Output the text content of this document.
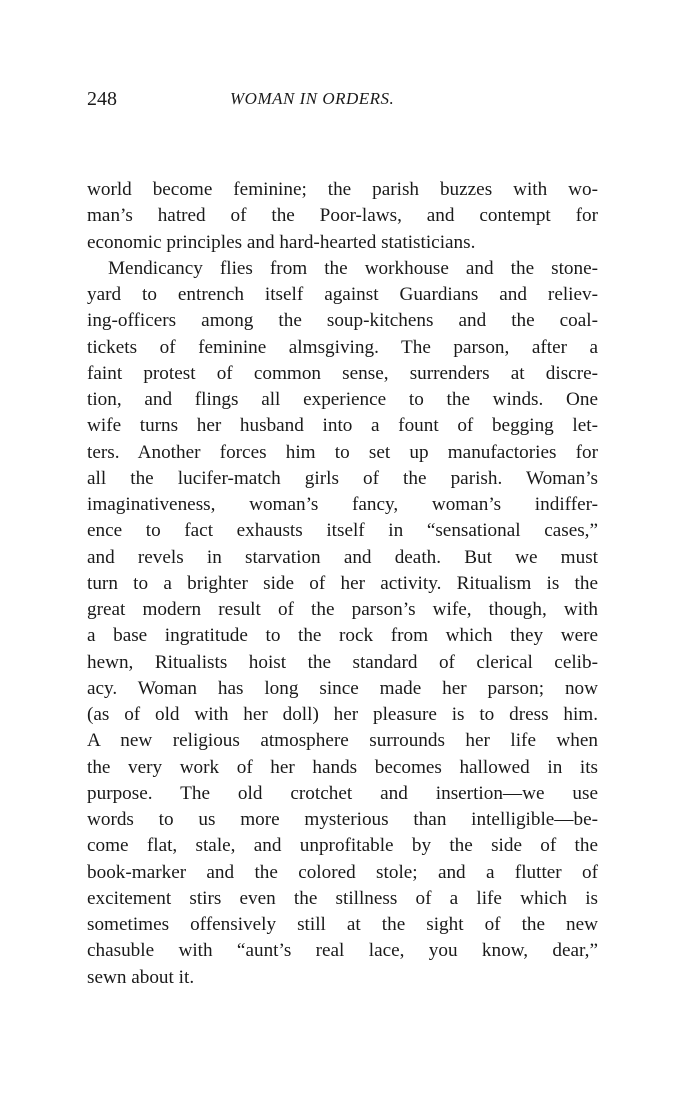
248	WOMAN IN ORDERS.
world become feminine; the parish buzzes with wo-
man’s hatred of the Poor-laws, and contempt for
economic principles and hard-hearted statisticians.
Mendicancy flies from the workhouse and the stone-
yard to entrench itself against Guardians and reliev-
ing-officers among the soup-kitchens and the coal-
tickets of feminine almsgiving. The parson, after a
faint protest of common sense, surrenders at discre-
tion, and flings all experience to the winds. One
wife turns her husband into a fount of begging let-
ters. Another forces him to set up manufactories for
all the lucifer-match girls of the parish. Woman’s
imaginativeness, woman’s fancy, woman’s indiffer-
ence to fact exhausts itself in “sensational cases,”
and revels in starvation and death. But we must
turn to a brighter side of her activity. Ritualism is the
great modern result of the parson’s wife, though, with
a base ingratitude to the rock from which they were
hewn, Ritualists hoist the standard of clerical celib-
acy. Woman has long since made her parson; now
(as of old with her doll) her pleasure is to dress him.
A new religious atmosphere surrounds her life when
the very work of her hands becomes hallowed in its
purpose. The old crotchet and insertion—we use
words to us more mysterious than intelligible—be-
come flat, stale, and unprofitable by the side of the
book-marker and the colored stole; and a flutter of
excitement stirs even the stillness of a life which is
sometimes offensively still at the sight of the new
chasuble with “aunt’s real lace, you know, dear,”
sewn about it.
